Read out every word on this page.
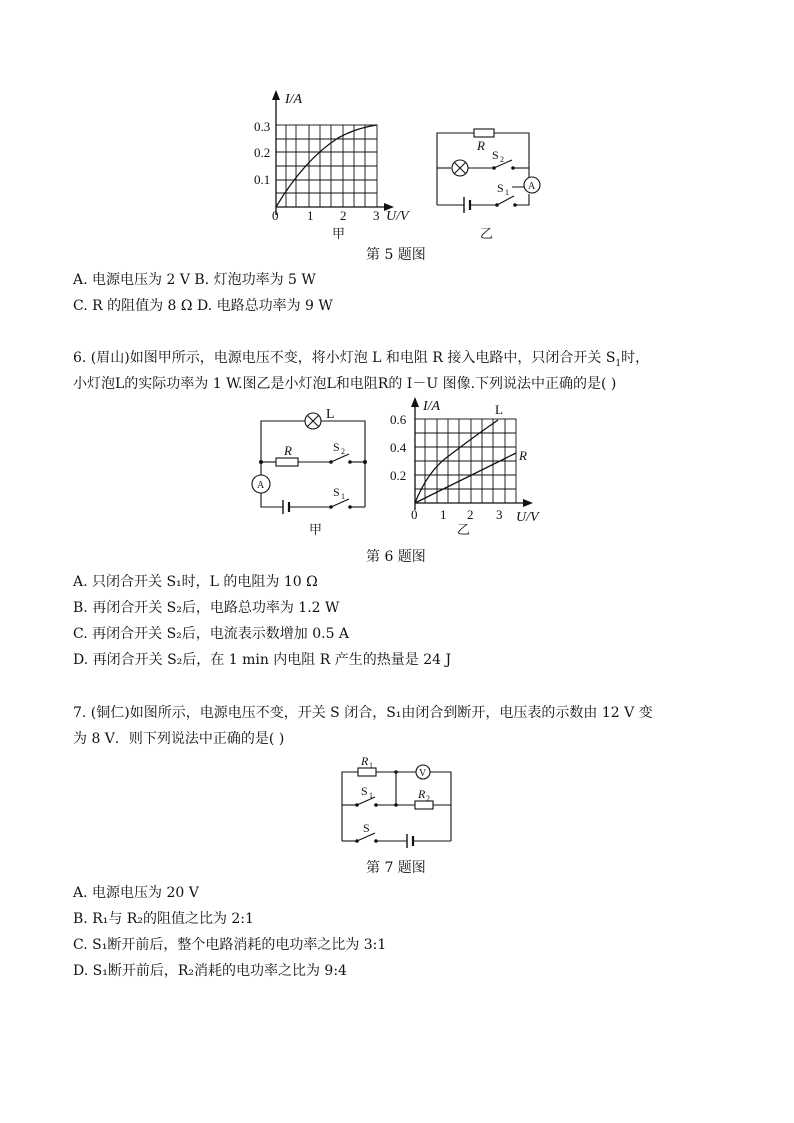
I/A
0.3
0.2
0.1
0 1 2 3 U/V
甲
R
S 2
S 1
A
乙
第 5 题图
A. 电源电压为 2 V B. 灯泡功率为 5 W
C. R 的阻值为 8 Ω D. 电路总功率为 9 W
6. (眉山)如图甲所示，电源电压不变，将小灯泡 L 和电阻 R 接入电路中，只闭合开关 $S_1$时，
小灯泡L的实际功率为 1 W.图乙是小灯泡L和电阻R的 I－U 图像.下列说法中正确的是( )
L
R	S 2
S 1
A
甲
I/A
0.6
0.4
0.2
0 1 2 3 U/V
L
R
乙
第 6 题图
A. 只闭合开关 S₁时，L 的电阻为 10 Ω
B. 再闭合开关 S₂后，电路总功率为 1.2 W
C. 再闭合开关 S₂后，电流表示数增加 0.5 A
D. 再闭合开关 S₂后，在 1 min 内电阻 R 产生的热量是 24 J
7. (铜仁)如图所示，电源电压不变，开关 S 闭合，S₁由闭合到断开，电压表的示数由 12 V 变
为 8 V．则下列说法中正确的是( )
R 1
V
S 1	R 2
S
第 7 题图
A. 电源电压为 20 V
B. R₁与 R₂的阻值之比为 2:1
C. S₁断开前后，整个电路消耗的电功率之比为 3:1
D. S₁断开前后，R₂消耗的电功率之比为 9:4
